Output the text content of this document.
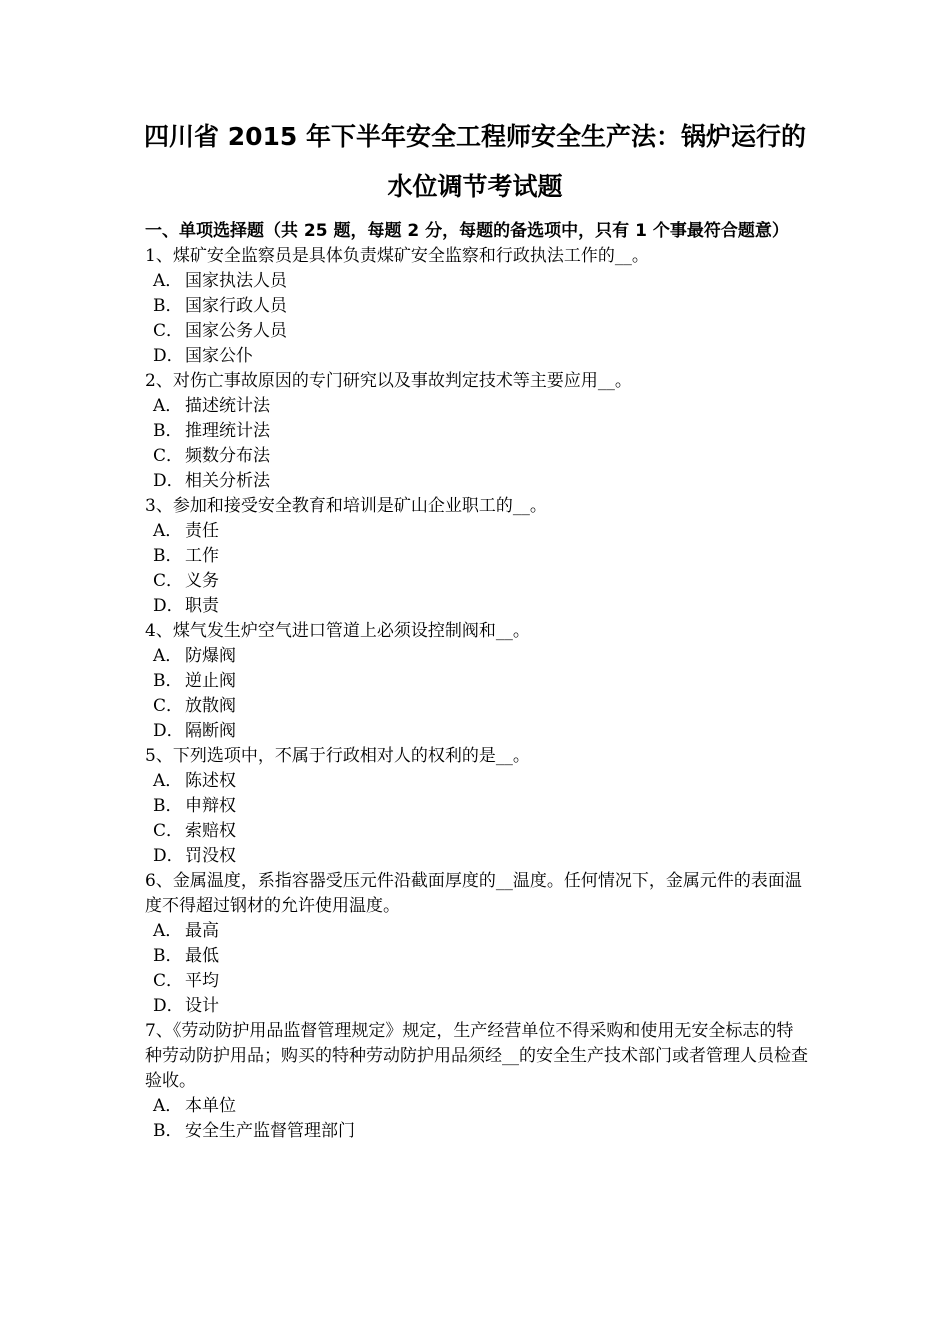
四川省 2015 年下半年安全工程师安全生产法：锅炉运行的
水位调节考试题

一、单项选择题（共 25 题，每题 2 分，每题的备选项中，只有 1 个事最符合题意）

1、煤矿安全监察员是具体负责煤矿安全监察和行政执法工作的__。

A． 国家执法人员
B． 国家行政人员
C． 国家公务人员
D．国家公仆

2、对伤亡事故原因的专门研究以及事故判定技术等主要应用__。

A． 描述统计法
B． 推理统计法
C． 频数分布法
D．相关分析法

3、参加和接受安全教育和培训是矿山企业职工的__。

A． 责任
B． 工作
C． 义务
D．职责

4、煤气发生炉空气进口管道上必须设控制阀和__。

A． 防爆阀
B． 逆止阀
C． 放散阀
D．隔断阀

5、下列选项中，不属于行政相对人的权利的是__。

A． 陈述权
B． 申辩权
C． 索赔权
D．罚没权

6、金属温度，系指容器受压元件沿截面厚度的__温度。任何情况下，金属元件的表面温度不得超过钢材的允许使用温度。

A． 最高
B． 最低
C． 平均
D．设计

7、《劳动防护用品监督管理规定》规定，生产经营单位不得采购和使用无安全标志的特种劳动防护用品；购买的特种劳动防护用品须经__的安全生产技术部门或者管理人员检查验收。

A． 本单位
B． 安全生产监督管理部门
